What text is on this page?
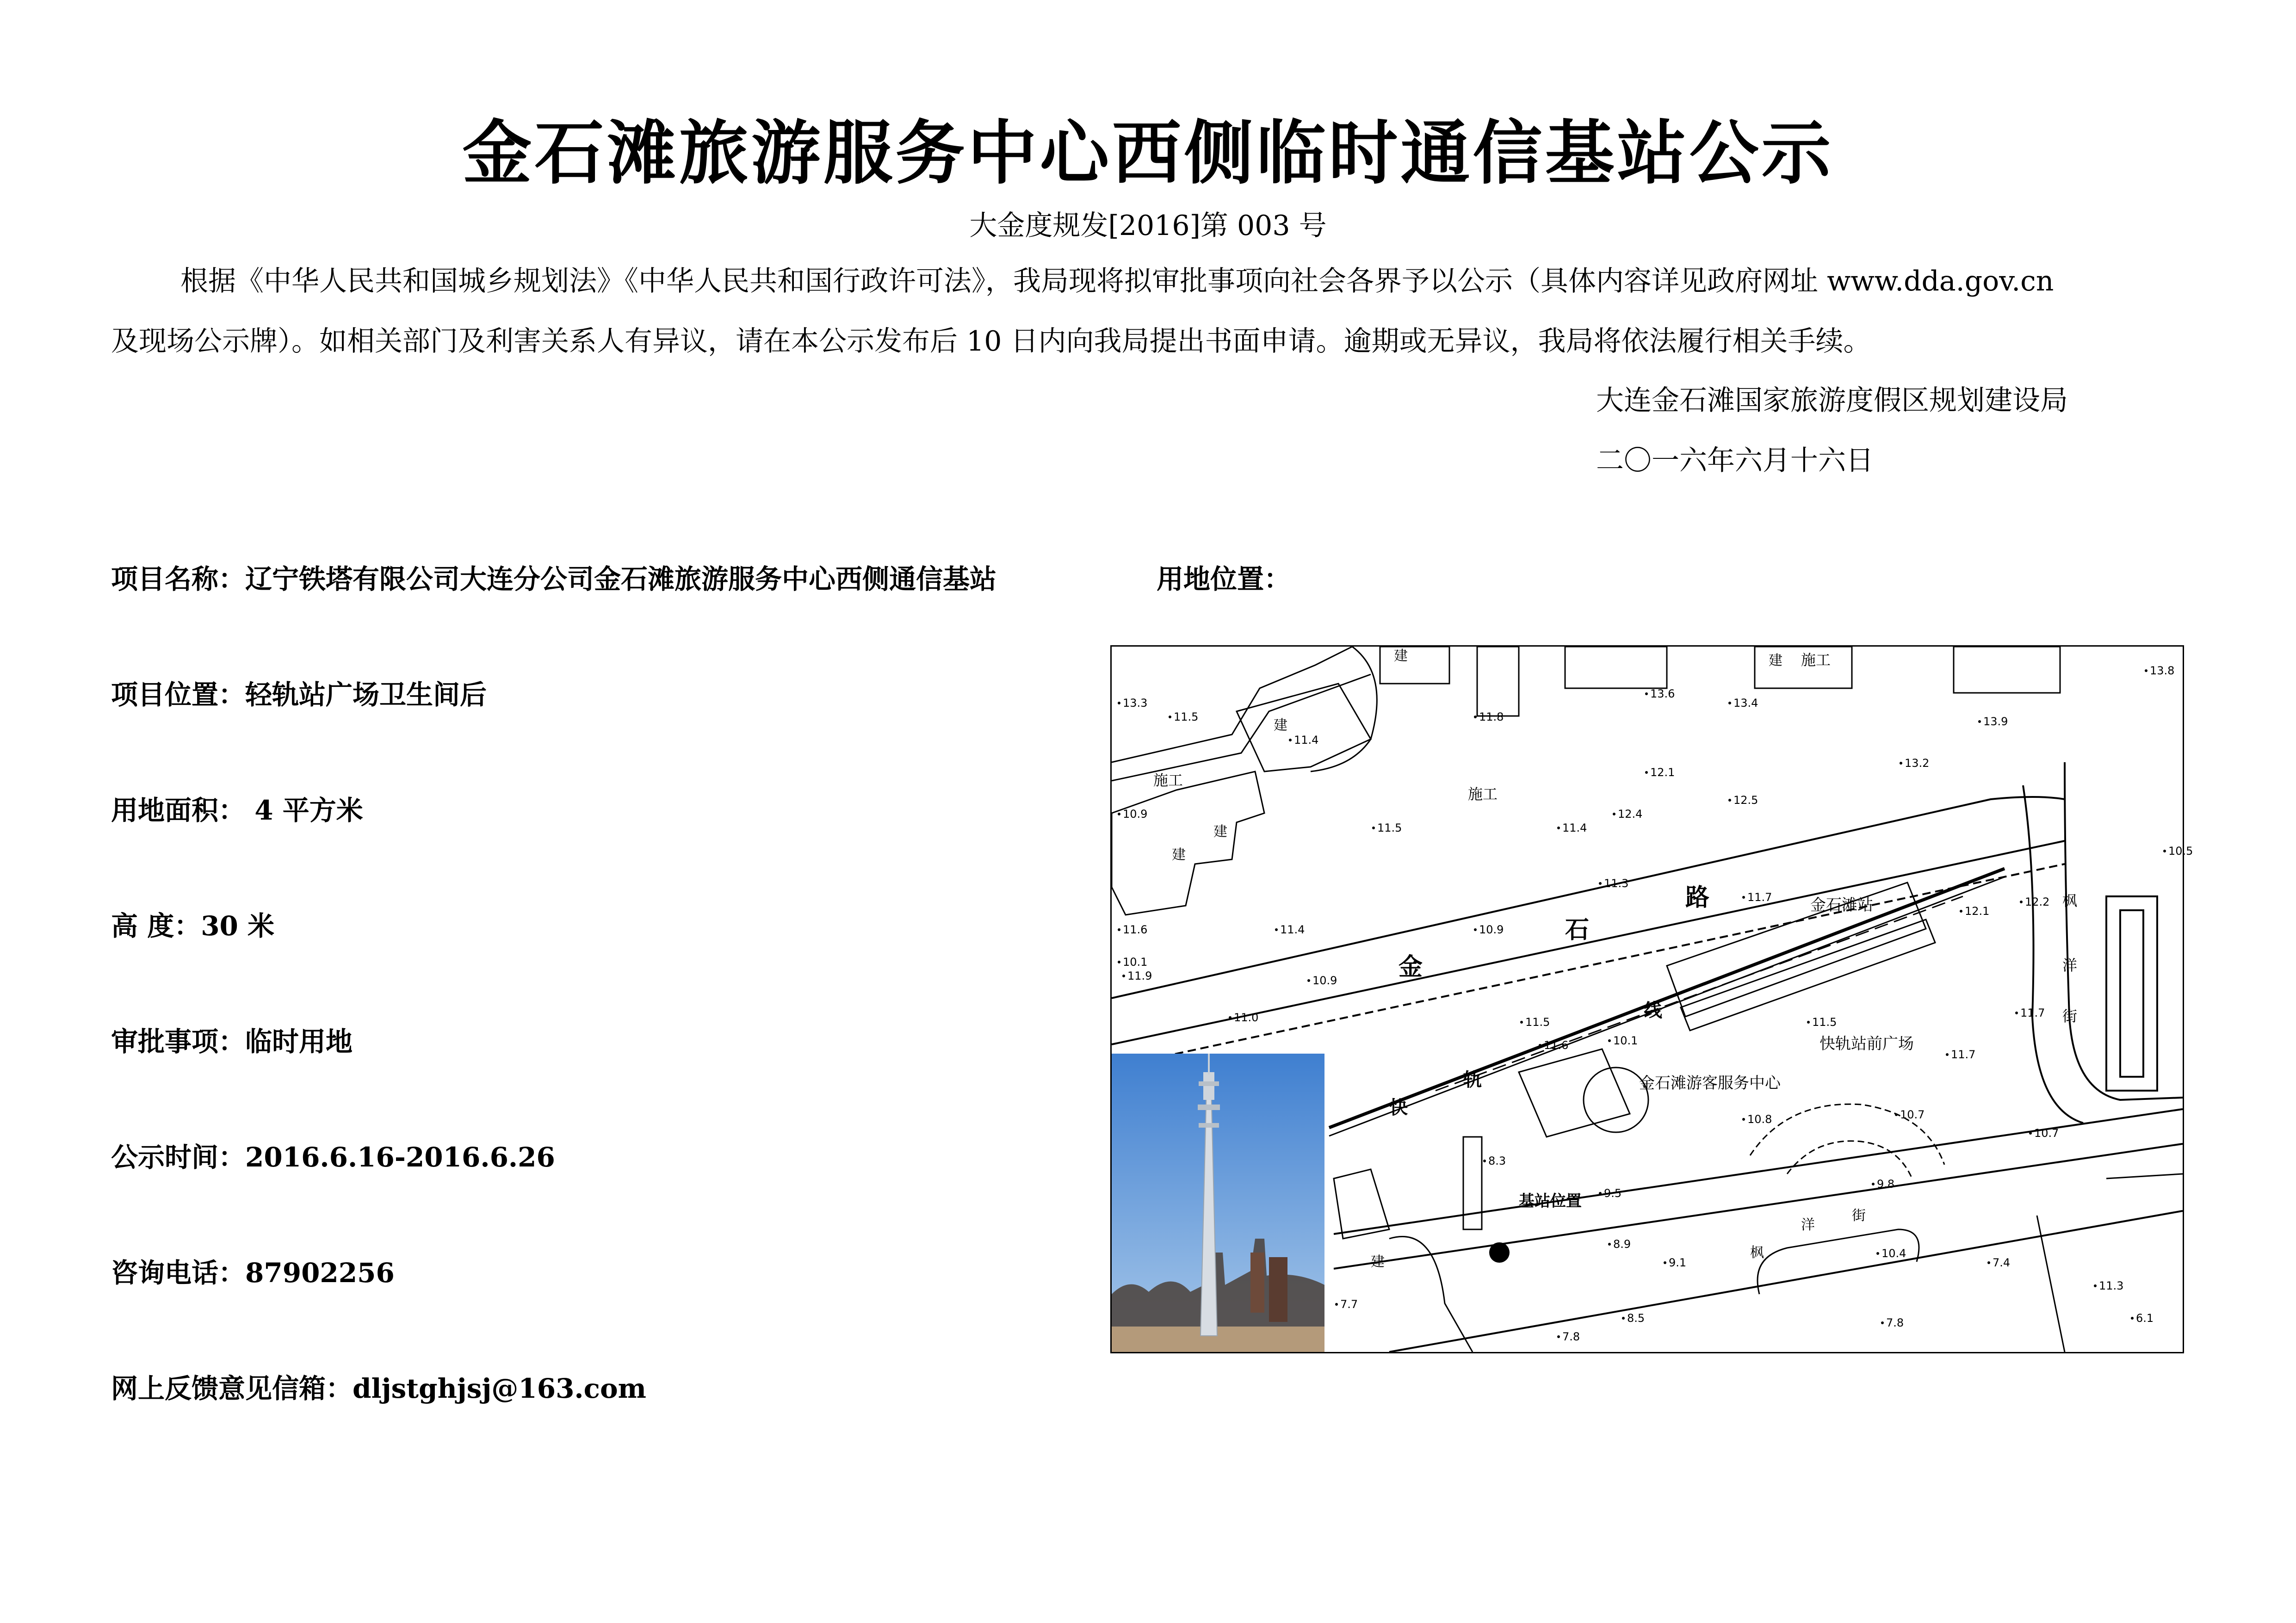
金石滩旅游服务中心西侧临时通信基站公示
大金度规发[2016]第 003 号
根据《中华人民共和国城乡规划法》《中华人民共和国行政许可法》，我局现将拟审批事项向社会各界予以公示（具体内容详见政府网址 www.dda.gov.cn
及现场公示牌）。如相关部门及利害关系人有异议，请在本公示发布后 10 日内向我局提出书面申请。逾期或无异议，我局将依法履行相关手续。
大连金石滩国家旅游度假区规划建设局
二〇一六年六月十六日
项目名称：辽宁铁塔有限公司大连分公司金石滩旅游服务中心西侧通信基站	用地位置：
项目位置：轻轨站广场卫生间后
用地面积： 4 平方米
高 度：30 米
审批事项：临时用地
公示时间：2016.6.16-2016.6.26
咨询电话：87902256
网上反馈意见信箱：dljstghjsj@163.com
路
石
金
快
轨
线
洋
街
枫
洋
街
枫
金石滩站
金石滩游客服务中心
快轨站前广场
基站位置
施工
施工
施工
建
建
建
建	建
建
13.3
11.5	11.8
13.6
13.4
13.8
10.9
11.4
12.1
13.2
13.9
11.5	11.4
12.4
12.5
11.3
11.7
10.5
11.6	11.4	10.9
12.1
12.2
10.1
11.9	10.9
11.7
11.0	11.5
11.6	10.1
11.5
11.7
10.8	10.7
10.7
8.3
9.5
9.8
8.9
9.1
10.4
7.4
11.3
7.7
8.5
7.8
7.8	6.1
